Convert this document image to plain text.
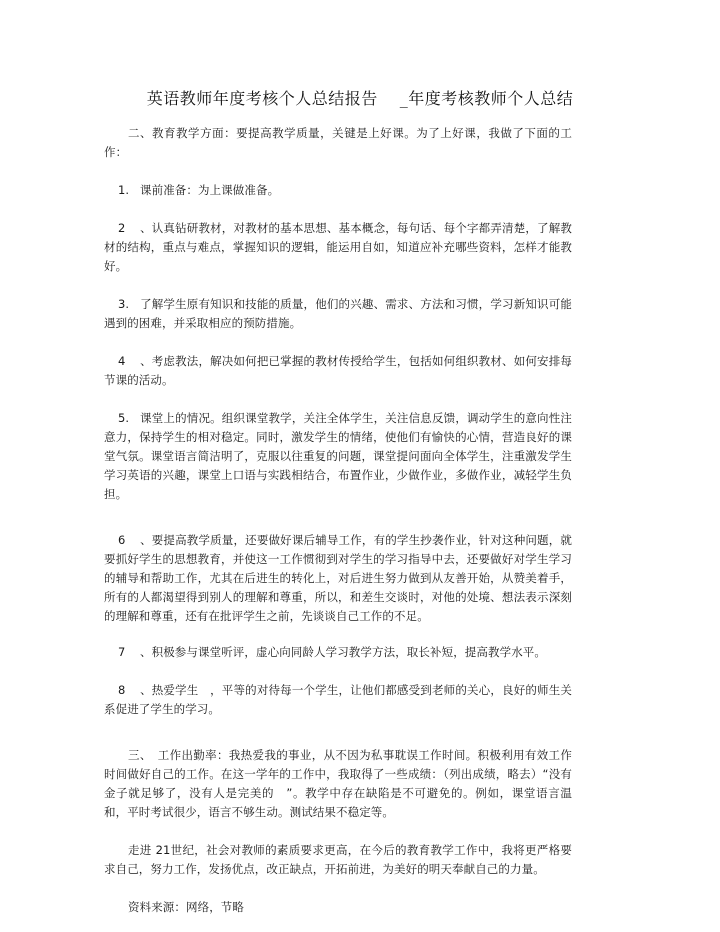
英语教师年度考核个人总结报告 _年度考核教师个人总结

二、教育教学方面：要提高教学质量，关键是上好课。为了上好课，我做了下面的工作：

1. 课前准备：为上课做准备。

2 、认真钻研教材，对教材的基本思想、基本概念，每句话、每个字都弄清楚，了解教材的结构，重点与难点，掌握知识的逻辑，能运用自如，知道应补充哪些资料，怎样才能教好。

3. 了解学生原有知识和技能的质量，他们的兴趣、需求、方法和习惯，学习新知识可能遇到的困难，并采取相应的预防措施。

4 、考虑教法，解决如何把已掌握的教材传授给学生，包括如何组织教材、如何安排每节课的活动。

5. 课堂上的情况。组织课堂教学，关注全体学生，关注信息反馈，调动学生的意向性注意力，保持学生的相对稳定。同时，激发学生的情绪，使他们有愉快的心情，营造良好的课堂气氛。课堂语言简洁明了，克服以往重复的问题，课堂提问面向全体学生，注重激发学生学习英语的兴趣，课堂上口语与实践相结合，布置作业，少做作业，多做作业，减轻学生负担。

6 、要提高教学质量，还要做好课后辅导工作，有的学生抄袭作业，针对这种问题，就要抓好学生的思想教育，并使这一工作惯彻到对学生的学习指导中去，还要做好对学生学习的辅导和帮助工作，尤其在后进生的转化上，对后进生努力做到从友善开始，从赞美着手，所有的人都渴望得到别人的理解和尊重，所以，和差生交谈时，对他的处境、想法表示深刻的理解和尊重，还有在批评学生之前，先谈谈自己工作的不足。

7 、积极参与课堂听评，虚心向同龄人学习教学方法，取长补短，提高教学水平。

8 、热爱学生　，平等的对待每一个学生，让他们都感受到老师的关心，良好的师生关系促进了学生的学习。

三、　工作出勤率：我热爱我的事业，从不因为私事耽误工作时间。积极利用有效工作时间做好自己的工作。在这一学年的工作中，我取得了一些成绩：（列出成绩，略去）“没有金子就足够了，没有人是完美的　”。教学中存在缺陷是不可避免的。例如，课堂语言温和，平时考试很少，语言不够生动。测试结果不稳定等。

走进 21世纪，社会对教师的素质要求更高，在今后的教育教学工作中，我将更严格要求自己，努力工作，发扬优点，改正缺点，开拓前进，为美好的明天奉献自己的力量。

资料来源：网络，节略
